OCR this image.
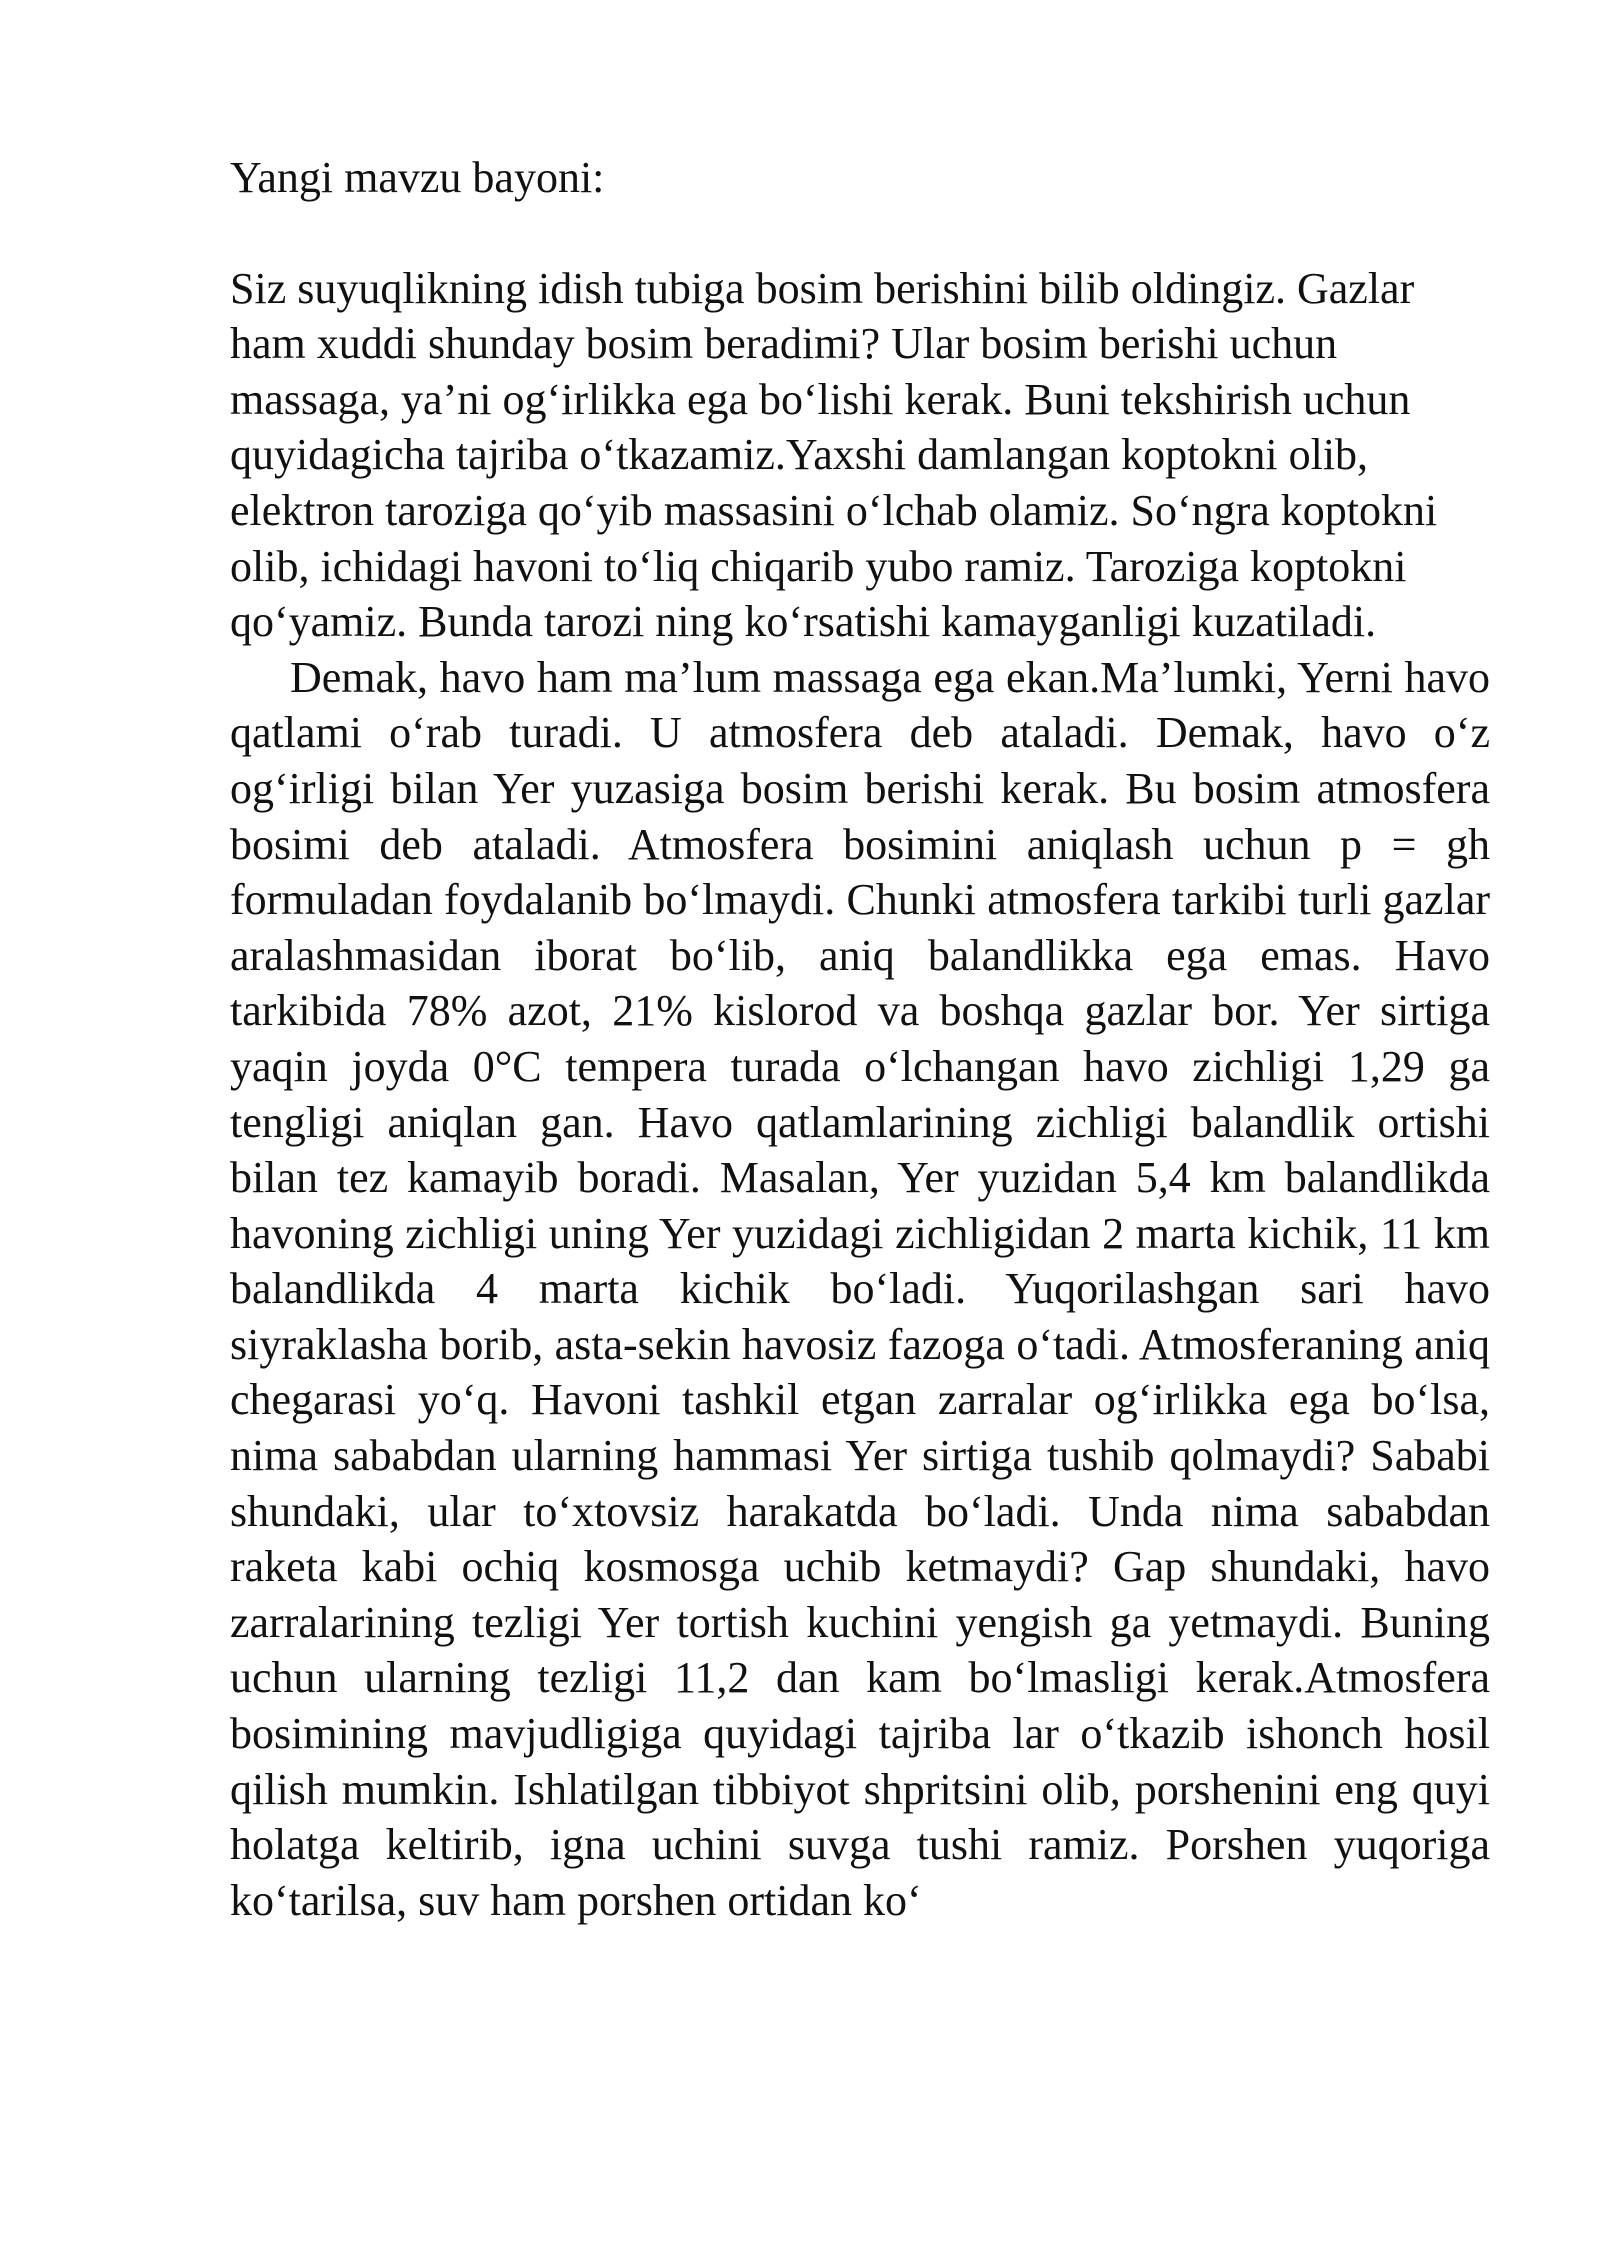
Yangi mavzu bayoni:

Siz suyuqlikning idish tubiga bosim berishini bilib oldingiz. Gazlar ham xuddi shunday bosim beradimi? Ular bosim berishi uchun massaga, ya’ni og‘irlikka ega bo‘lishi kerak. Buni tekshirish uchun quyidagicha tajriba o‘tkazamiz.Yaxshi damlangan koptokni olib, elektron taroziga qo‘yib massasini o‘lchab olamiz. So‘ngra koptokni olib, ichidagi havoni to‘liq chiqarib yubo ramiz. Taroziga koptokni qo‘yamiz. Bunda tarozi ning ko‘rsatishi kamayganligi kuzatiladi.

Demak, havo ham ma’lum massaga ega ekan.Ma’lumki, Yerni havo qatlami o‘rab turadi. U atmosfera deb ataladi. Demak, havo o‘z og‘irligi bilan Yer yuzasiga bosim berishi kerak. Bu bosim atmosfera bosimi deb ataladi. Atmosfera bosimini aniqlash uchun p = gh formuladan foydalanib bo‘lmaydi. Chunki atmosfera tarkibi turli gazlar aralashmasidan iborat bo‘lib, aniq balandlikka ega emas. Havo tarkibida 78% azot, 21% kislorod va boshqa gazlar bor. Yer sirtiga yaqin joyda 0°C tempera turada o‘lchangan havo zichligi 1,29 ga tengligi aniqlan gan. Havo qatlamlarining zichligi balandlik ortishi bilan tez kamayib boradi. Masalan, Yer yuzidan 5,4 km balandlikda havoning zichligi uning Yer yuzidagi zichligidan 2 marta kichik, 11 km balandlikda 4 marta kichik bo‘ladi. Yuqorilashgan sari havo siyraklasha borib, asta-sekin havosiz fazoga o‘tadi. Atmosferaning aniq chegarasi yo‘q. Havoni tashkil etgan zarralar og‘irlikka ega bo‘lsa, nima sababdan ularning hammasi Yer sirtiga tushib qolmaydi? Sababi shundaki, ular to‘xtovsiz harakatda bo‘ladi. Unda nima sababdan raketa kabi ochiq kosmosga uchib ketmaydi? Gap shundaki, havo zarralarining tezligi Yer tortish kuchini yengish ga yetmaydi. Buning uchun ularning tezligi 11,2 dan kam bo‘lmasligi kerak.Atmosfera bosimining mavjudligiga quyidagi tajriba lar o‘tkazib ishonch hosil qilish mumkin. Ishlatilgan tibbiyot shpritsini olib, porshenini eng quyi holatga keltirib, igna uchini suvga tushi ramiz. Porshen yuqoriga ko‘tarilsa, suv ham porshen ortidan ko‘
